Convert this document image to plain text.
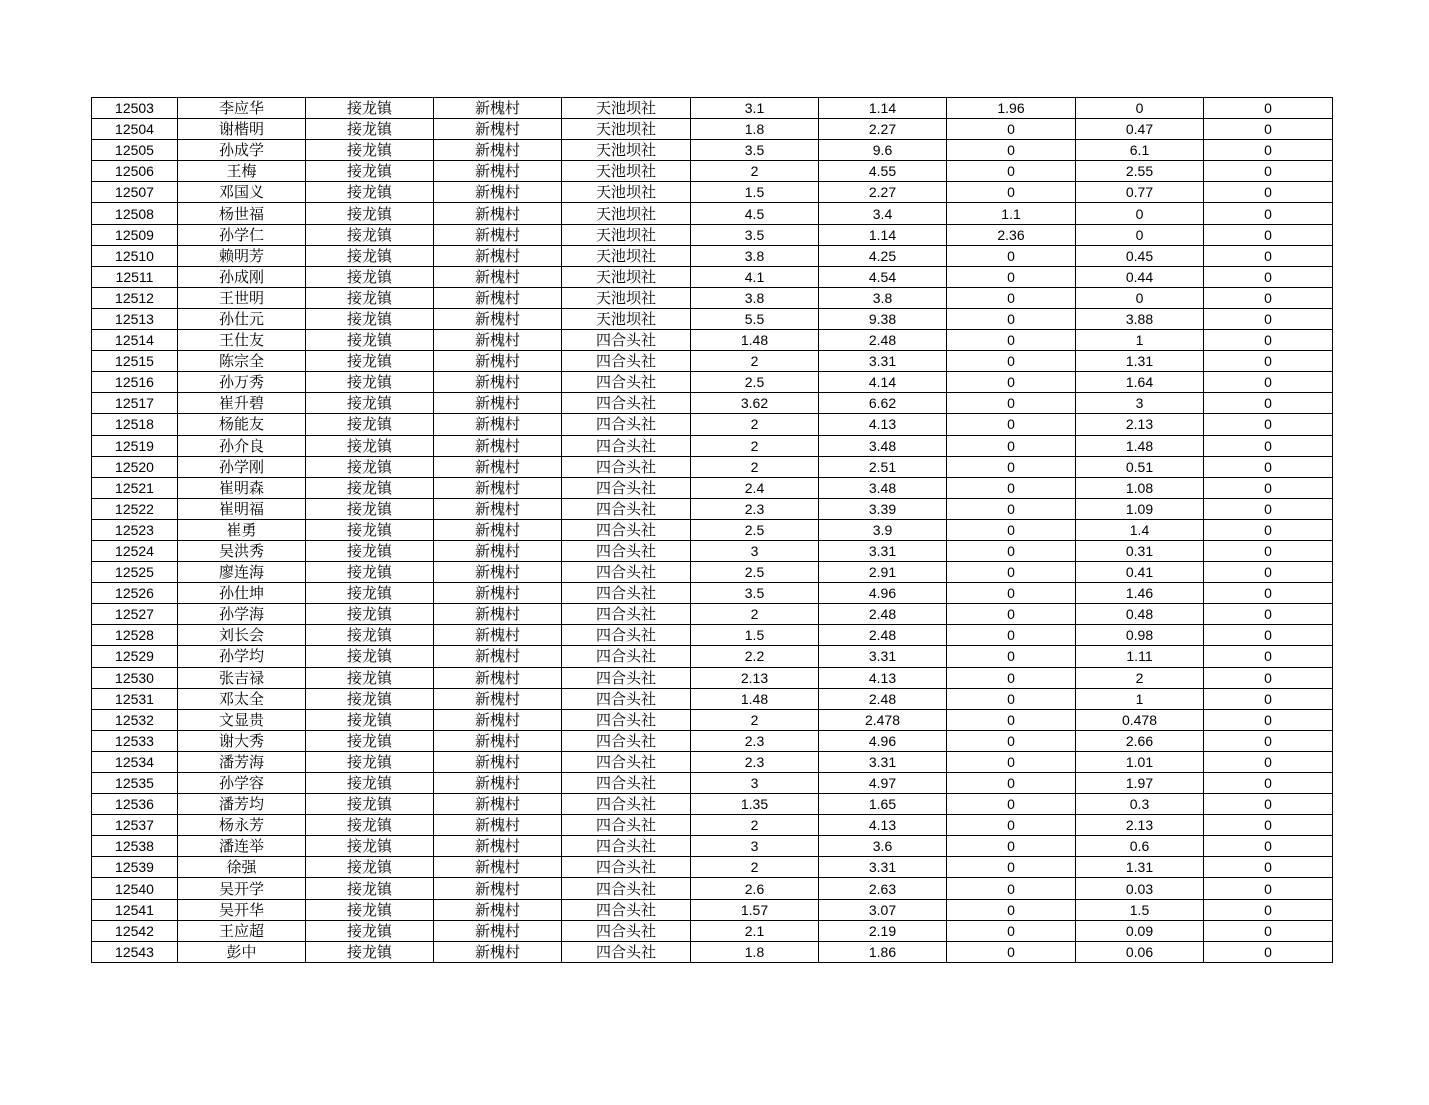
12503	李应华	接龙镇	新槐村	天池坝社	3.1	1.14	1.96	0	0
12504	谢楷明	接龙镇	新槐村	天池坝社	1.8	2.27	0	0.47	0
12505	孙成学	接龙镇	新槐村	天池坝社	3.5	9.6	0	6.1	0
12506	王梅	接龙镇	新槐村	天池坝社	2	4.55	0	2.55	0
12507	邓国义	接龙镇	新槐村	天池坝社	1.5	2.27	0	0.77	0
12508	杨世福	接龙镇	新槐村	天池坝社	4.5	3.4	1.1	0	0
12509	孙学仁	接龙镇	新槐村	天池坝社	3.5	1.14	2.36	0	0
12510	赖明芳	接龙镇	新槐村	天池坝社	3.8	4.25	0	0.45	0
12511	孙成刚	接龙镇	新槐村	天池坝社	4.1	4.54	0	0.44	0
12512	王世明	接龙镇	新槐村	天池坝社	3.8	3.8	0	0	0
12513	孙仕元	接龙镇	新槐村	天池坝社	5.5	9.38	0	3.88	0
12514	王仕友	接龙镇	新槐村	四合头社	1.48	2.48	0	1	0
12515	陈宗全	接龙镇	新槐村	四合头社	2	3.31	0	1.31	0
12516	孙万秀	接龙镇	新槐村	四合头社	2.5	4.14	0	1.64	0
12517	崔升碧	接龙镇	新槐村	四合头社	3.62	6.62	0	3	0
12518	杨能友	接龙镇	新槐村	四合头社	2	4.13	0	2.13	0
12519	孙介良	接龙镇	新槐村	四合头社	2	3.48	0	1.48	0
12520	孙学刚	接龙镇	新槐村	四合头社	2	2.51	0	0.51	0
12521	崔明森	接龙镇	新槐村	四合头社	2.4	3.48	0	1.08	0
12522	崔明福	接龙镇	新槐村	四合头社	2.3	3.39	0	1.09	0
12523	崔勇	接龙镇	新槐村	四合头社	2.5	3.9	0	1.4	0
12524	吴洪秀	接龙镇	新槐村	四合头社	3	3.31	0	0.31	0
12525	廖连海	接龙镇	新槐村	四合头社	2.5	2.91	0	0.41	0
12526	孙仕坤	接龙镇	新槐村	四合头社	3.5	4.96	0	1.46	0
12527	孙学海	接龙镇	新槐村	四合头社	2	2.48	0	0.48	0
12528	刘长会	接龙镇	新槐村	四合头社	1.5	2.48	0	0.98	0
12529	孙学均	接龙镇	新槐村	四合头社	2.2	3.31	0	1.11	0
12530	张吉禄	接龙镇	新槐村	四合头社	2.13	4.13	0	2	0
12531	邓太全	接龙镇	新槐村	四合头社	1.48	2.48	0	1	0
12532	文显贵	接龙镇	新槐村	四合头社	2	2.478	0	0.478	0
12533	谢大秀	接龙镇	新槐村	四合头社	2.3	4.96	0	2.66	0
12534	潘芳海	接龙镇	新槐村	四合头社	2.3	3.31	0	1.01	0
12535	孙学容	接龙镇	新槐村	四合头社	3	4.97	0	1.97	0
12536	潘芳均	接龙镇	新槐村	四合头社	1.35	1.65	0	0.3	0
12537	杨永芳	接龙镇	新槐村	四合头社	2	4.13	0	2.13	0
12538	潘连举	接龙镇	新槐村	四合头社	3	3.6	0	0.6	0
12539	徐强	接龙镇	新槐村	四合头社	2	3.31	0	1.31	0
12540	吴开学	接龙镇	新槐村	四合头社	2.6	2.63	0	0.03	0
12541	吴开华	接龙镇	新槐村	四合头社	1.57	3.07	0	1.5	0
12542	王应超	接龙镇	新槐村	四合头社	2.1	2.19	0	0.09	0
12543	彭中	接龙镇	新槐村	四合头社	1.8	1.86	0	0.06	0
